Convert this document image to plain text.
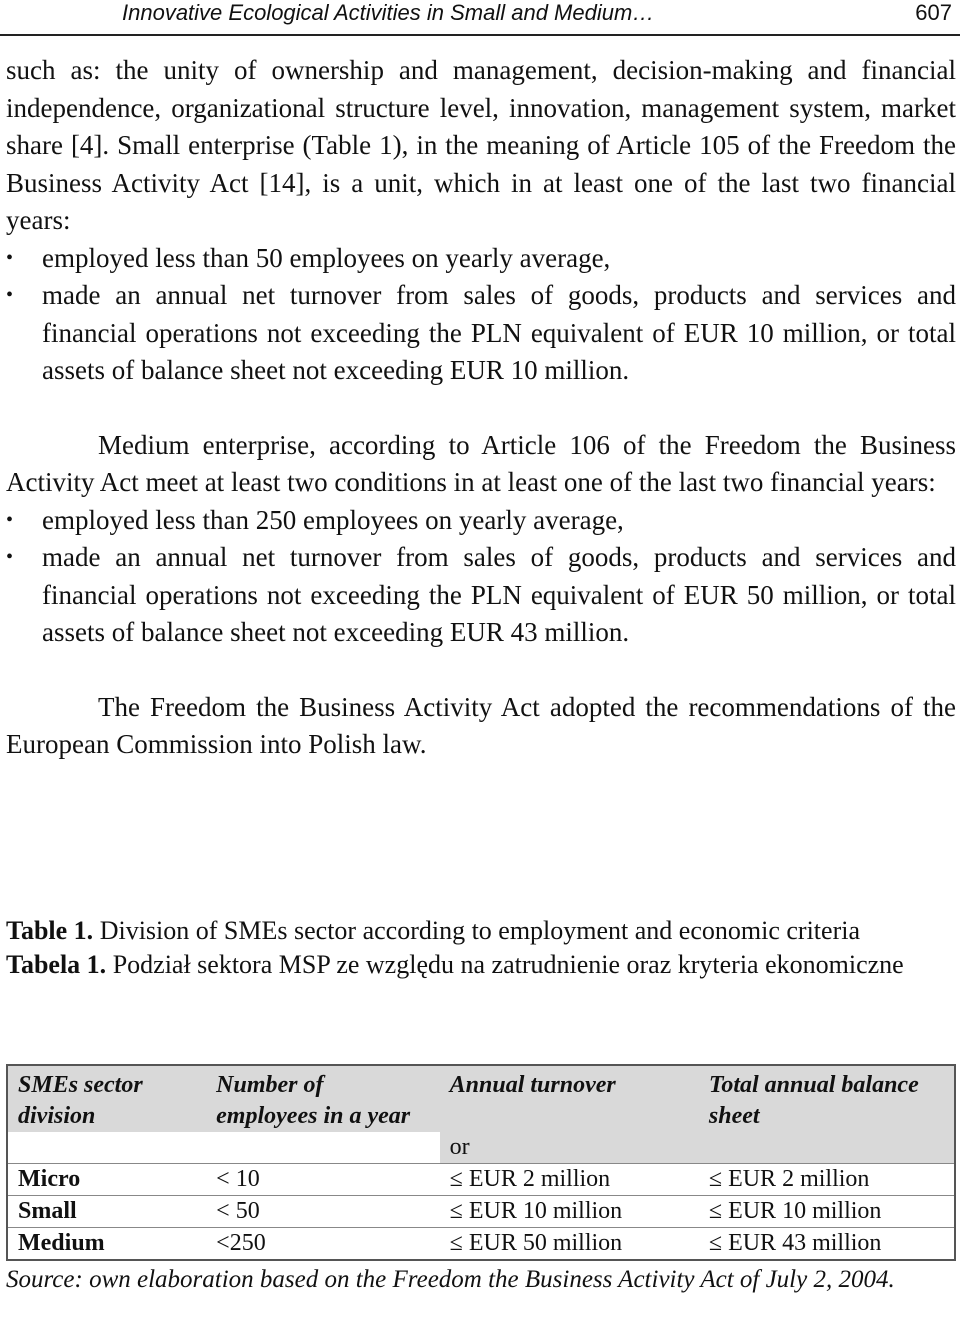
Innovative Ecological Activities in Small and Medium…	607

such as: the unity of ownership and management, decision-making and financial independence, organizational structure level, innovation, management system, market share [4]. Small enterprise (Table 1), in the meaning of Article 105 of the Freedom the Business Activity Act [14], is a unit, which in at least one of the last two financial years:

•	employed less than 50 employees on yearly average,
•	made an annual net turnover from sales of goods, products and services and financial operations not exceeding the PLN equivalent of EUR 10 million, or total assets of balance sheet not exceeding EUR 10 million.

Medium enterprise, according to Article 106 of the Freedom the Business Activity Act meet at least two conditions in at least one of the last two financial years:

•	employed less than 250 employees on yearly average,
•	made an annual net turnover from sales of goods, products and services and financial operations not exceeding the PLN equivalent of EUR 50 million, or total assets of balance sheet not exceeding EUR 43 million.

The Freedom the Business Activity Act adopted the recommendations of the European Commission into Polish law.

Table 1. Division of SMEs sector according to employment and economic criteria
Tabela 1. Podział sektora MSP ze względu na zatrudnienie oraz kryteria ekonomiczne
SMEs sector division	Number of employees in a year	Annual turnover	Total annual balance sheet
		or	
Micro	< 10	≤ EUR 2 million	≤ EUR 2 million
Small	< 50	≤ EUR 10 million	≤ EUR 10 million
Medium	<250	≤ EUR 50 million	≤ EUR 43 million
Source: own elaboration based on the Freedom the Business Activity Act of July 2, 2004.
